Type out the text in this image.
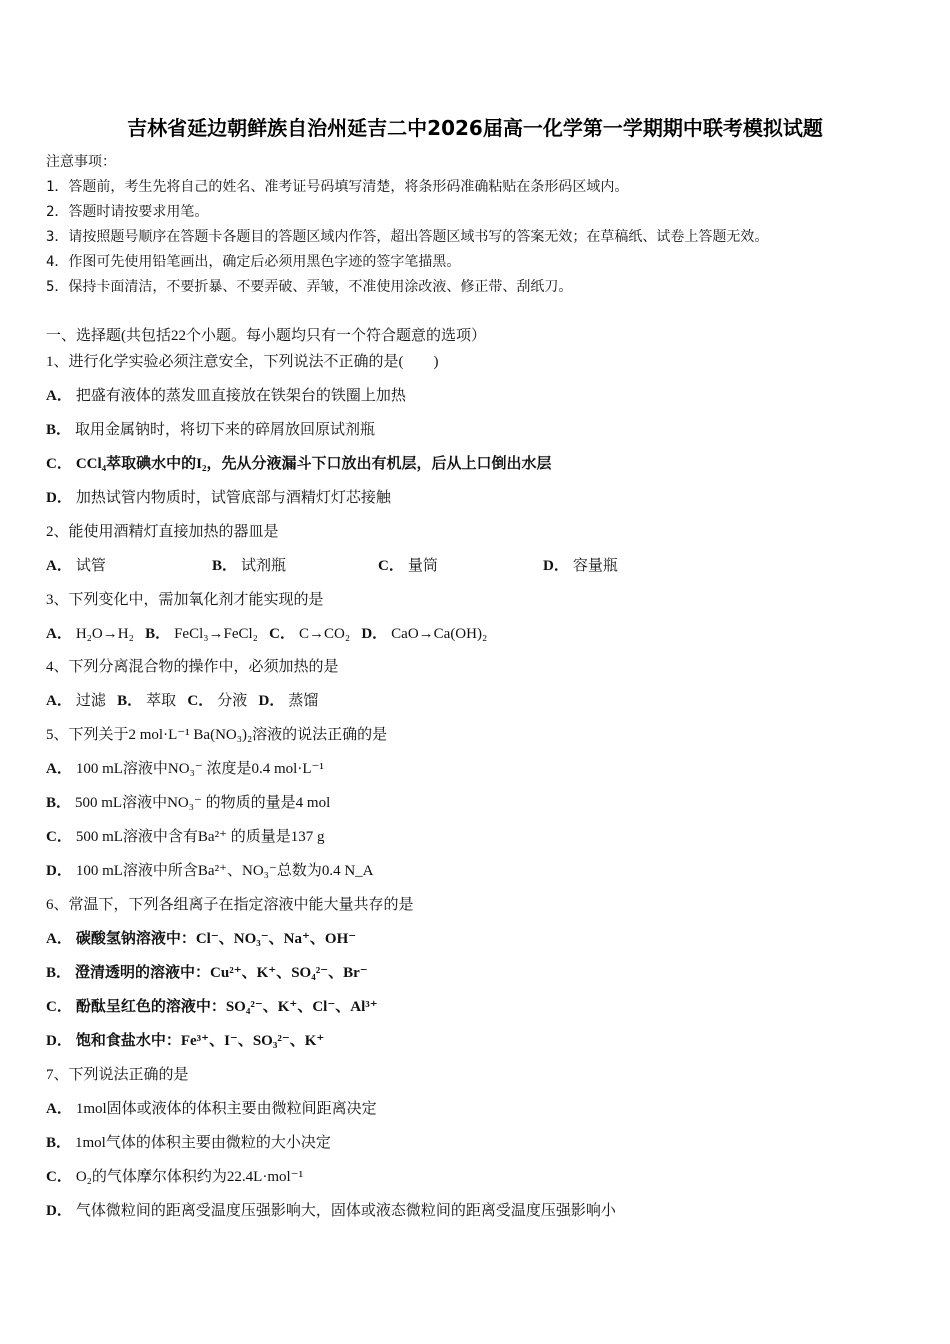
吉林省延边朝鲜族自治州延吉二中2026届高一化学第一学期期中联考模拟试题
注意事项：
1．答题前，考生先将自己的姓名、准考证号码填写清楚，将条形码准确粘贴在条形码区域内。
2．答题时请按要求用笔。
3．请按照题号顺序在答题卡各题目的答题区域内作答，超出答题区域书写的答案无效；在草稿纸、试卷上答题无效。
4．作图可先使用铅笔画出，确定后必须用黑色字迹的签字笔描黑。
5．保持卡面清洁，不要折暴、不要弄破、弄皱，不准使用涂改液、修正带、刮纸刀。
一、选择题(共包括22个小题。每小题均只有一个符合题意的选项）
1、进行化学实验必须注意安全，下列说法不正确的是(　　)
A． 把盛有液体的蒸发皿直接放在铁架台的铁圈上加热
B． 取用金属钠时，将切下来的碎屑放回原试剂瓶
C． CCl₄萃取碘水中的I₂，先从分液漏斗下口放出有机层，后从上口倒出水层
D． 加热试管内物质时，试管底部与酒精灯灯芯接触
2、能使用酒精灯直接加热的器皿是
A． 试管	B． 试剂瓶	C． 量筒	D． 容量瓶
3、下列变化中，需加氧化剂才能实现的是
A． H₂O→H₂ B． FeCl₃→FeCl₂ C． C→CO₂ D． CaO→Ca(OH)₂
4、下列分离混合物的操作中，必须加热的是
A． 过滤 B． 萃取 C． 分液 D． 蒸馏
5、下列关于2 mol·L⁻¹ Ba(NO₃)₂溶液的说法正确的是
A． 100 mL溶液中NO₃⁻ 浓度是0.4 mol·L⁻¹
B． 500 mL溶液中NO₃⁻ 的物质的量是4 mol
C． 500 mL溶液中含有Ba²⁺ 的质量是137 g
D． 100 mL溶液中所含Ba²⁺、NO₃⁻总数为0.4 N_A
6、常温下，下列各组离子在指定溶液中能大量共存的是
A． 碳酸氢钠溶液中：Cl⁻、NO₃⁻、Na⁺、OH⁻
B． 澄清透明的溶液中：Cu²⁺、K⁺、SO₄²⁻、Br⁻
C． 酚酞呈红色的溶液中：SO₄²⁻、K⁺、Cl⁻、Al³⁺
D． 饱和食盐水中：Fe³⁺、I⁻、SO₃²⁻、K⁺
7、下列说法正确的是
A． 1mol固体或液体的体积主要由微粒间距离决定
B． 1mol气体的体积主要由微粒的大小决定
C． O₂的气体摩尔体积约为22.4L·mol⁻¹
D． 气体微粒间的距离受温度压强影响大，固体或液态微粒间的距离受温度压强影响小
